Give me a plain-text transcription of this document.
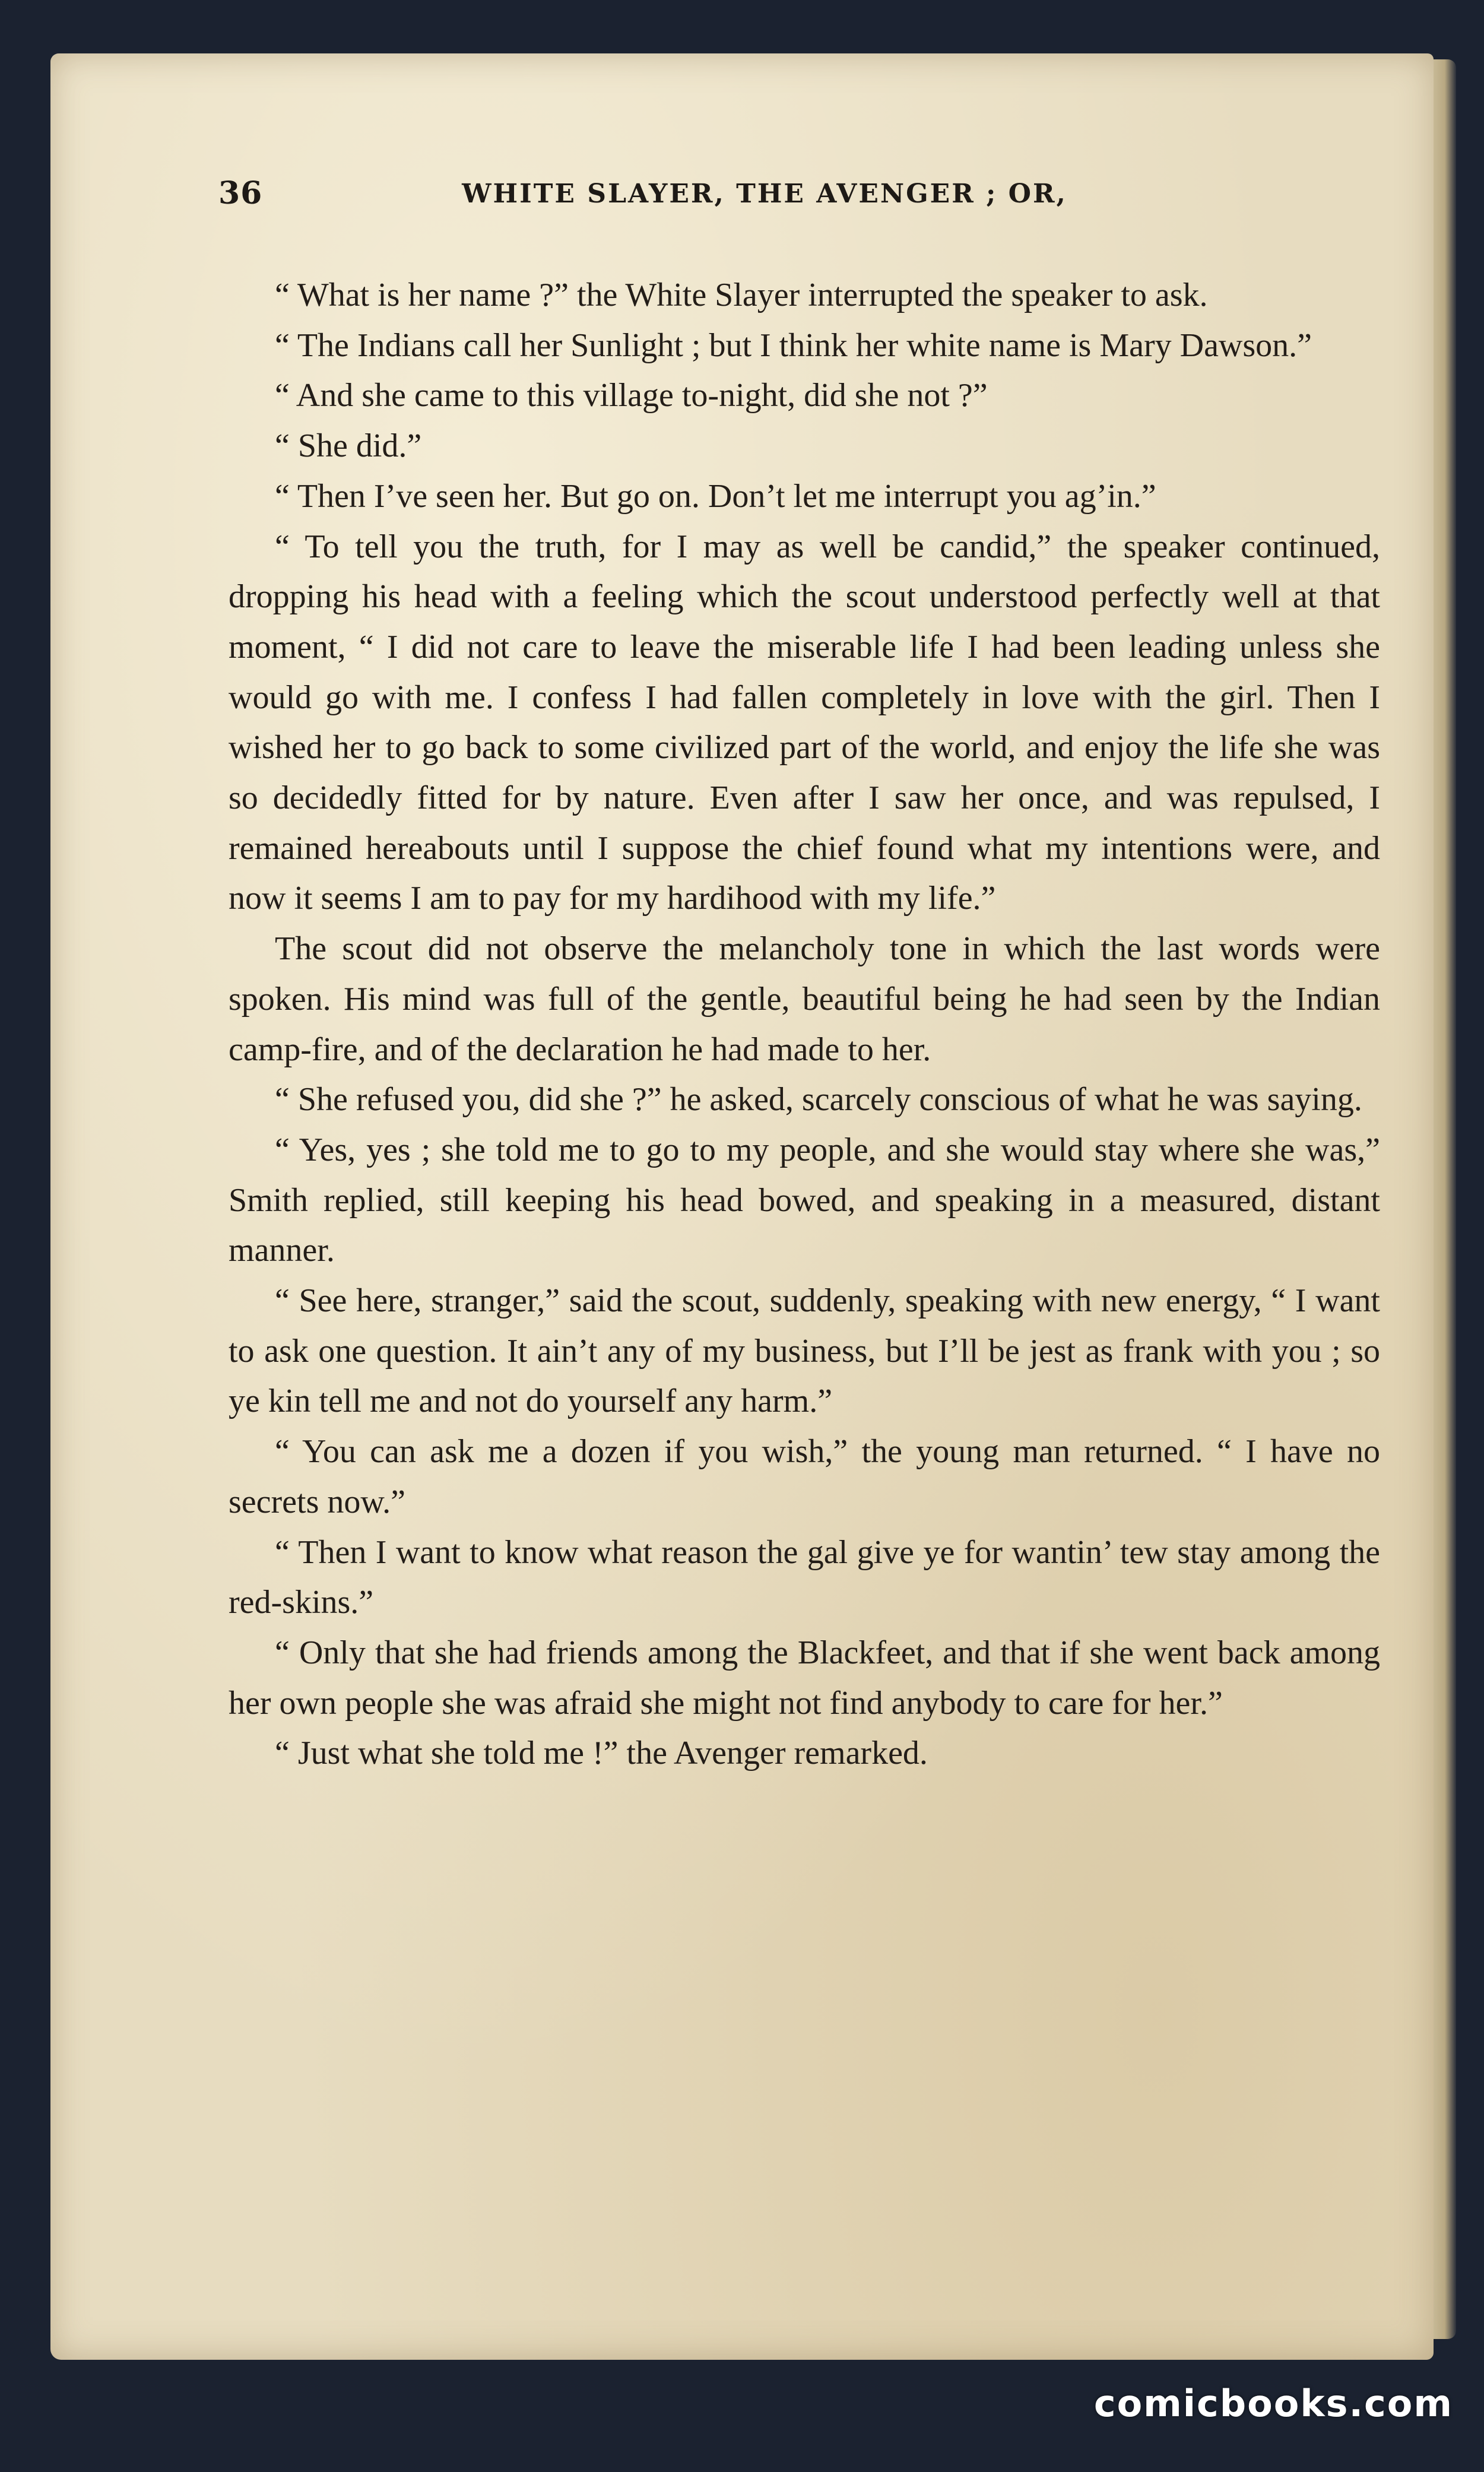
36	WHITE SLAYER, THE AVENGER ; OR,

“ What is her name ?” the White Slayer interrupted the speaker to ask.

“ The Indians call her Sunlight ; but I think her white name is Mary Dawson.”

“ And she came to this village to-night, did she not ?”

“ She did.”

“ Then I’ve seen her. But go on. Don’t let me interrupt you ag’in.”

“ To tell you the truth, for I may as well be candid,” the speaker continued, dropping his head with a feeling which the scout understood perfectly well at that moment, “ I did not care to leave the miserable life I had been leading unless she would go with me. I confess I had fallen completely in love with the girl. Then I wished her to go back to some civilized part of the world, and enjoy the life she was so decidedly fitted for by nature. Even after I saw her once, and was repulsed, I remained hereabouts until I suppose the chief found what my intentions were, and now it seems I am to pay for my hardihood with my life.”

The scout did not observe the melancholy tone in which the last words were spoken. His mind was full of the gentle, beautiful being he had seen by the Indian camp-fire, and of the declaration he had made to her.

“ She refused you, did she ?” he asked, scarcely conscious of what he was saying.

“ Yes, yes ; she told me to go to my people, and she would stay where she was,” Smith replied, still keeping his head bowed, and speaking in a measured, distant manner.

“ See here, stranger,” said the scout, suddenly, speaking with new energy, “ I want to ask one question. It ain’t any of my business, but I’ll be jest as frank with you ; so ye kin tell me and not do yourself any harm.”

“ You can ask me a dozen if you wish,” the young man returned. “ I have no secrets now.”

“ Then I want to know what reason the gal give ye for wantin’ tew stay among the red-skins.”

“ Only that she had friends among the Blackfeet, and that if she went back among her own people she was afraid she might not find anybody to care for her.”

“ Just what she told me !” the Avenger remarked.

comicbooks.com
